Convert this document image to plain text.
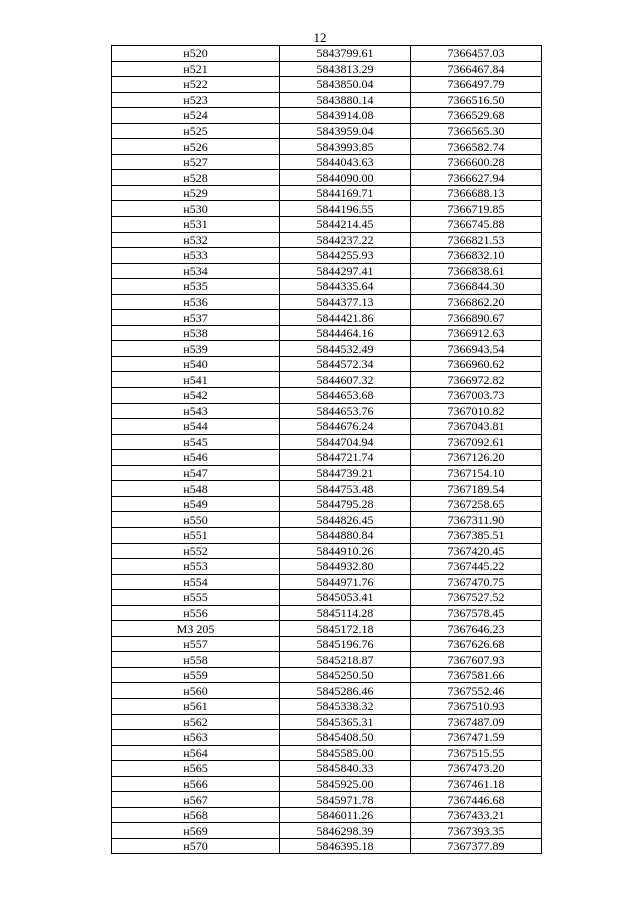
12
н520	5843799.61	7366457.03
н521	5843813.29	7366467.84
н522	5843850.04	7366497.79
н523	5843880.14	7366516.50
н524	5843914.08	7366529.68
н525	5843959.04	7366565.30
н526	5843993.85	7366582.74
н527	5844043.63	7366600.28
н528	5844090.00	7366627.94
н529	5844169.71	7366688.13
н530	5844196.55	7366719.85
н531	5844214.45	7366745.88
н532	5844237.22	7366821.53
н533	5844255.93	7366832.10
н534	5844297.41	7366838.61
н535	5844335.64	7366844.30
н536	5844377.13	7366862.20
н537	5844421.86	7366890.67
н538	5844464.16	7366912.63
н539	5844532.49	7366943.54
н540	5844572.34	7366960.62
н541	5844607.32	7366972.82
н542	5844653.68	7367003.73
н543	5844653.76	7367010.82
н544	5844676.24	7367043.81
н545	5844704.94	7367092.61
н546	5844721.74	7367126.20
н547	5844739.21	7367154.10
н548	5844753.48	7367189.54
н549	5844795.28	7367258.65
н550	5844826.45	7367311.90
н551	5844880.84	7367385.51
н552	5844910.26	7367420.45
н553	5844932.80	7367445.22
н554	5844971.76	7367470.75
н555	5845053.41	7367527.52
н556	5845114.28	7367578.45
МЗ 205	5845172.18	7367646.23
н557	5845196.76	7367626.68
н558	5845218.87	7367607.93
н559	5845250.50	7367581.66
н560	5845286.46	7367552.46
н561	5845338.32	7367510.93
н562	5845365.31	7367487.09
н563	5845408.50	7367471.59
н564	5845585.00	7367515.55
н565	5845840.33	7367473.20
н566	5845925.00	7367461.18
н567	5845971.78	7367446.68
н568	5846011.26	7367433.21
н569	5846298.39	7367393.35
н570	5846395.18	7367377.89
